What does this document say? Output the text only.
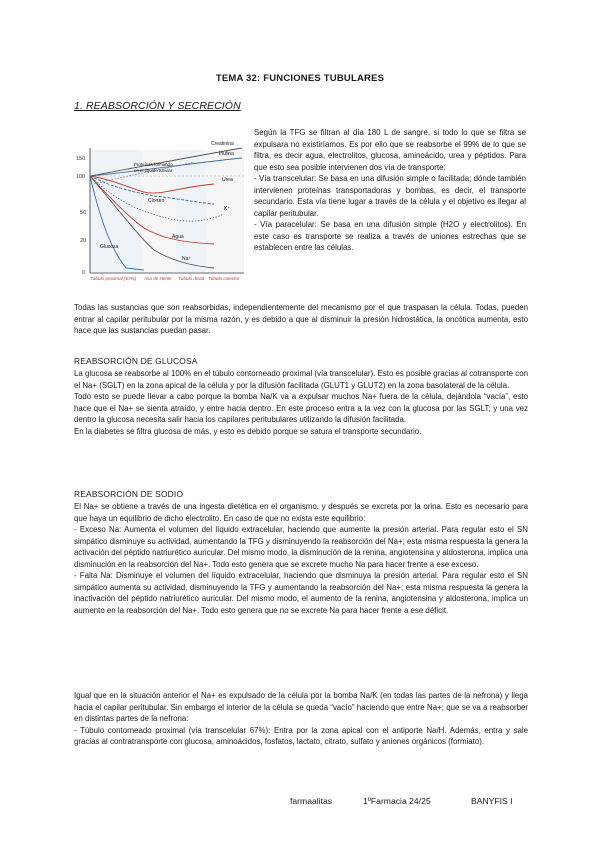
TEMA 32: FUNCIONES TUBULARES
1. REABSORCIÓN Y SECRECIÓN
150
100
50
20
0
Creatinina
Inulina
Urea
Proteínas formando
en el líquido tubular
Cloruro
Agua
Na⁺
Glucosa
K⁺
Túbulo proximal (67%) Asa de Henle Túbulo distal Túbulo colector

Según la TFG se filtran al día 180 L de sangre, si todo lo que se filtra se expulsara no existiríamos. Es por ello que se reabsorbe el 99% de lo que se filtra, es decir agua, electrolitos, glucosa, aminoácido, urea y péptidos. Para que esto sea posible intervienen dos vía de transporte:

- Vía transcelular: Se basa en una difusión simple o facilitada; dónde también intervienen proteínas transportadoras y bombas, es decir, el transporte secundario. Esta vía tiene lugar a través de la célula y el objetivo es llegar al capilar peritubular.

- Vía paracelular: Se basa en una difusión simple (H2O y electrolitos). En este caso es transporte se realiza a través de uniones estrechas que se establecen entre las células.

Todas las sustancias que son reabsorbidas, independientemente del mecanismo por el que traspasan la célula. Todas, pueden entrar al capilar peritubular por la misma razón, y es debido a que al disminuir la presión hidrostática, la oncótica aumenta, esto hace que las sustancias puedan pasar.

REABSORCIÓN DE GLUCOSA

La glucosa se reabsorbe al 100% en el túbulo contorneado proximal (vía transcelular). Esto es posible gracias al cotransporte con el Na+ (SGLT) en la zona apical de la célula y por la difusión facilitada (GLUT1 y GLUT2) en la zona basolateral de la célula.

Todo esto se puede llevar a cabo porque la bomba Na/K va a expulsar muchos Na+ fuera de la célula, dejándola “vacía”, esto hace que el Na+ se sienta atraído, y entre hacia dentro. En este proceso entra a la vez con la glucosa por las SGLT; y una vez dentro la glucosa necesita salir hacia los capilares peritubulares utilizando la difusión facilitada.

En la diabetes se filtra glucosa de más, y esto es debido porque se satura el transporte secundario.

REABSORCIÓN DE SODIO

El Na+ se obtiene a través de una ingesta dietética en el organismo, y después se excreta por la orina. Esto es necesario para que haya un equilibrio de dicho electrolito. En caso de que no exista este equilibrio:

- Exceso Na: Aumenta el volumen del líquido extracelular, haciendo que aumente la presión arterial. Para regular esto el SN simpático disminuye su actividad, aumentando la TFG y disminuyendo la reabsorción del Na+; esta misma respuesta la genera la activación del péptido natriurético auricular. Del mismo modo, la disminución de la renina, angiotensina y aldosterona, implica una disminución en la reabsorción del Na+. Todo esto genera que se excrete mucho Na para hacer frente a ese exceso.

- Falta Na: Disminuye el volumen del líquido extracelular, haciendo que disminuya la presión arterial. Para regular esto el SN simpático aumenta su actividad, disminuyendo la TFG y aumentando la reabsorción del Na+; esta misma respuesta la genera la inactivación del péptido natriurético auricular. Del mismo modo, el aumento de la renina, angiotensina y aldosterona, implica un aumento en la reabsorción del Na+. Todo esto genera que no se excrete Na para hacer frente a ese déficit.

Igual que en la situación anterior el Na+ es expulsado de la célula por la bomba Na/K (en todas las partes de la nefrona) y llega hacia el capilar peritubular. Sin embargo el interior de la célula se queda “vacío” haciendo que entre Na+; que se va a reabsorber en distintas partes de la nefrona:

- Túbulo contorneado proximal (vía transcelular 67%): Entra por la zona apical con el antiporte Na/H. Además, entra y sale gracias al contratransporte con glucosa, aminoácidos, fosfatos, lactato, citrato, sulfato y aniones orgánicos (formiato).

farmaalitas	1ºFarmacia 24/25	BANYFIS I
